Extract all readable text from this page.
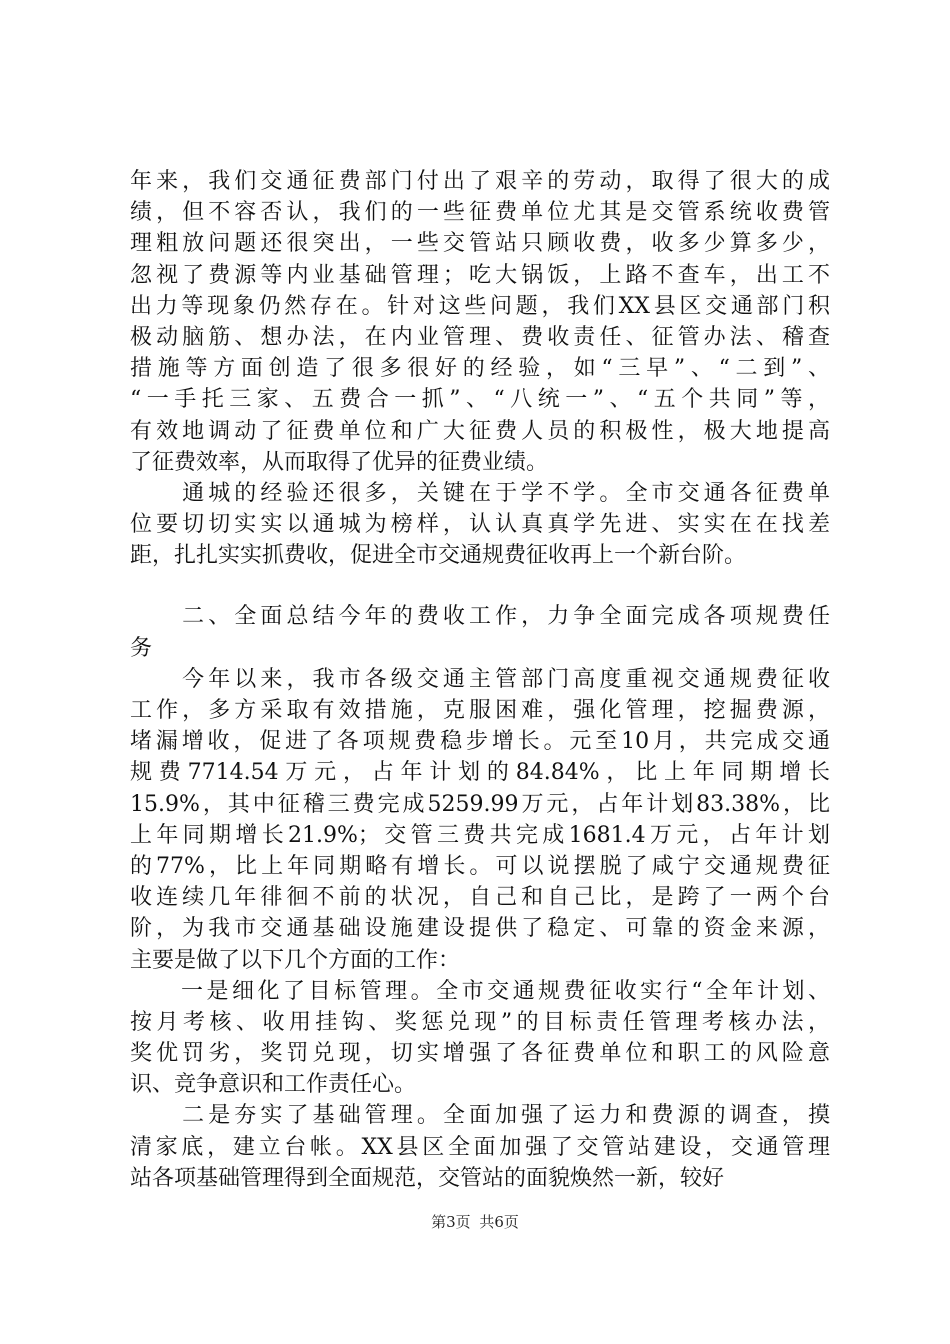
年来，我们交通征费部门付出了艰辛的劳动，取得了很大的成
绩，但不容否认，我们的一些征费单位尤其是交管系统收费管
理粗放问题还很突出，一些交管站只顾收费，收多少算多少，
忽视了费源等内业基础管理；吃大锅饭，上路不查车，出工不
出力等现象仍然存在。针对这些问题，我们XX县区交通部门积
极动脑筋、想办法，在内业管理、费收责任、征管办法、稽查
措施等方面创造了很多很好的经验，如“三早”、“二到”、
“一手托三家、五费合一抓”、“八统一”、“五个共同”等，
有效地调动了征费单位和广大征费人员的积极性，极大地提高
了征费效率，从而取得了优异的征费业绩。
　　通城的经验还很多，关键在于学不学。全市交通各征费单
位要切切实实以通城为榜样，认认真真学先进、实实在在找差
距，扎扎实实抓费收，促进全市交通规费征收再上一个新台阶。
　　二、全面总结今年的费收工作，力争全面完成各项规费任
务
　　今年以来，我市各级交通主管部门高度重视交通规费征收
工作，多方采取有效措施，克服困难，强化管理，挖掘费源，
堵漏增收，促进了各项规费稳步增长。元至10月，共完成交通
规费7714.54万元，占年计划的84.84%，比上年同期增长
15.9%，其中征稽三费完成5259.99万元，占年计划83.38%，比
上年同期增长21.9%；交管三费共完成1681.4万元，占年计划
的77%，比上年同期略有增长。可以说摆脱了咸宁交通规费征
收连续几年徘徊不前的状况，自己和自己比，是跨了一两个台
阶，为我市交通基础设施建设提供了稳定、可靠的资金来源，
主要是做了以下几个方面的工作：
　　一是细化了目标管理。全市交通规费征收实行“全年计划、
按月考核、收用挂钩、奖惩兑现”的目标责任管理考核办法，
奖优罚劣，奖罚兑现，切实增强了各征费单位和职工的风险意
识、竞争意识和工作责任心。
　　二是夯实了基础管理。全面加强了运力和费源的调查，摸
清家底，建立台帐。XX县区全面加强了交管站建设，交通管理
站各项基础管理得到全面规范，交管站的面貌焕然一新，较好
第3页 共6页
